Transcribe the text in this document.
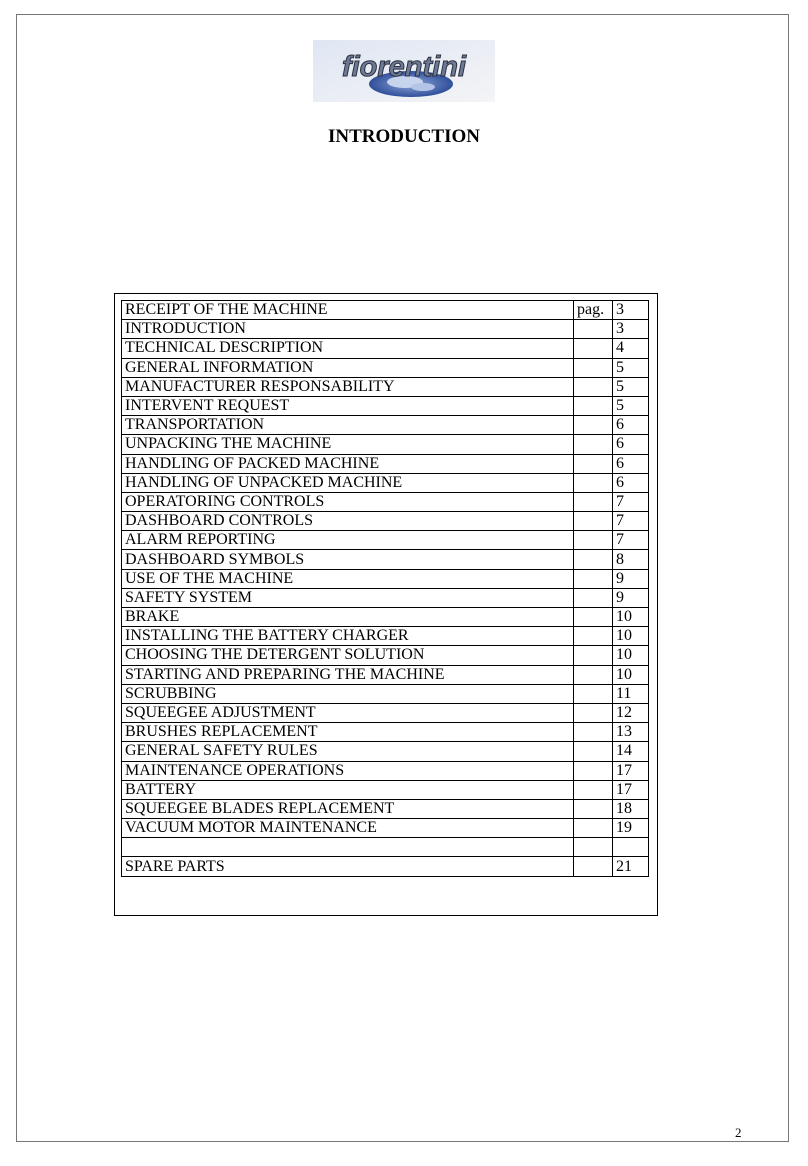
fiorentini
INTRODUCTION
RECEIPT OF THE MACHINE	pag.	3
INTRODUCTION		3
TECHNICAL DESCRIPTION		4
GENERAL INFORMATION		5
MANUFACTURER RESPONSABILITY		5
INTERVENT REQUEST		5
TRANSPORTATION		6
UNPACKING THE MACHINE		6
HANDLING OF PACKED MACHINE		6
HANDLING OF UNPACKED MACHINE		6
OPERATORING CONTROLS		7
DASHBOARD CONTROLS		7
ALARM REPORTING		7
DASHBOARD SYMBOLS		8
USE OF THE MACHINE		9
SAFETY SYSTEM		9
BRAKE		10
INSTALLING THE BATTERY CHARGER		10
CHOOSING THE DETERGENT SOLUTION		10
STARTING AND PREPARING THE MACHINE		10
SCRUBBING		11
SQUEEGEE ADJUSTMENT		12
BRUSHES REPLACEMENT		13
GENERAL SAFETY RULES		14
MAINTENANCE OPERATIONS		17
BATTERY		17
SQUEEGEE BLADES REPLACEMENT		18
VACUUM MOTOR MAINTENANCE		19

SPARE PARTS		21
2
